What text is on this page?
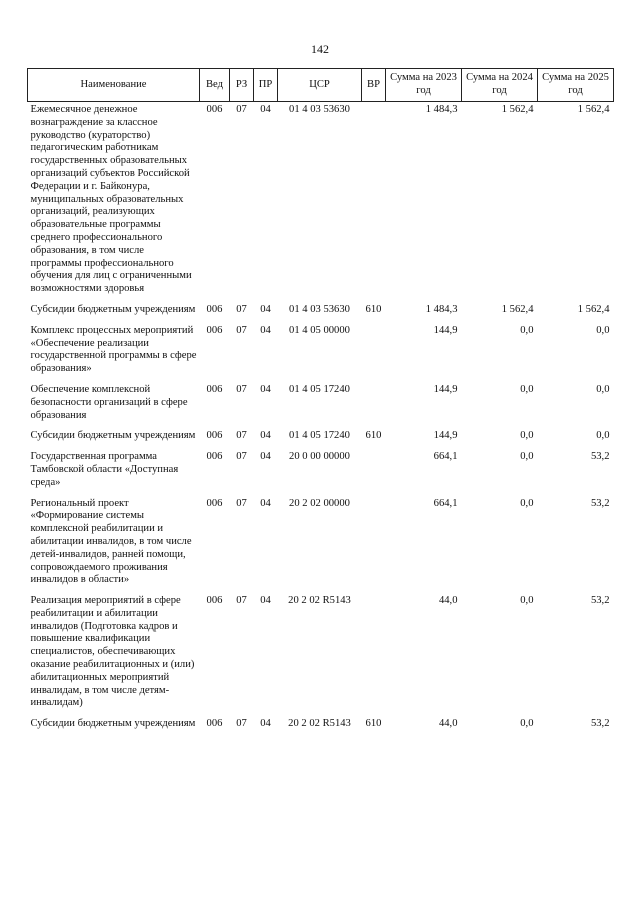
142
Наименование	Вед	РЗ	ПР	ЦСР	ВР	Сумма на 2023 год	Сумма на 2024 год	Сумма на 2025 год
Ежемесячное денежное вознаграждение за классное руководство (кураторство) педагогическим работникам государственных образовательных организаций субъектов Российской Федерации и г. Байконура, муниципальных образовательных организаций, реализующих образовательные программы среднего профессионального образования, в том числе программы профессионального обучения для лиц с ограниченными возможностями здоровья	006	07	04	01 4 03 53630		1 484,3	1 562,4	1 562,4
Субсидии бюджетным учреждениям	006	07	04	01 4 03 53630	610	1 484,3	1 562,4	1 562,4
Комплекс процессных мероприятий «Обеспечение реализации государственной программы в сфере образования»	006	07	04	01 4 05 00000		144,9	0,0	0,0
Обеспечение комплексной безопасности организаций в сфере образования	006	07	04	01 4 05 17240		144,9	0,0	0,0
Субсидии бюджетным учреждениям	006	07	04	01 4 05 17240	610	144,9	0,0	0,0
Государственная программа Тамбовской области «Доступная среда»	006	07	04	20 0 00 00000		664,1	0,0	53,2
Региональный проект «Формирование системы комплексной реабилитации и абилитации инвалидов, в том числе детей-инвалидов, ранней помощи, сопровождаемого проживания инвалидов в области»	006	07	04	20 2 02 00000		664,1	0,0	53,2
Реализация мероприятий в сфере реабилитации и абилитации инвалидов (Подготовка кадров и повышение квалификации специалистов, обеспечивающих оказание реабилитационных и (или) абилитационных мероприятий инвалидам, в том числе детям-инвалидам)	006	07	04	20 2 02 R5143		44,0	0,0	53,2
Субсидии бюджетным учреждениям	006	07	04	20 2 02 R5143	610	44,0	0,0	53,2
